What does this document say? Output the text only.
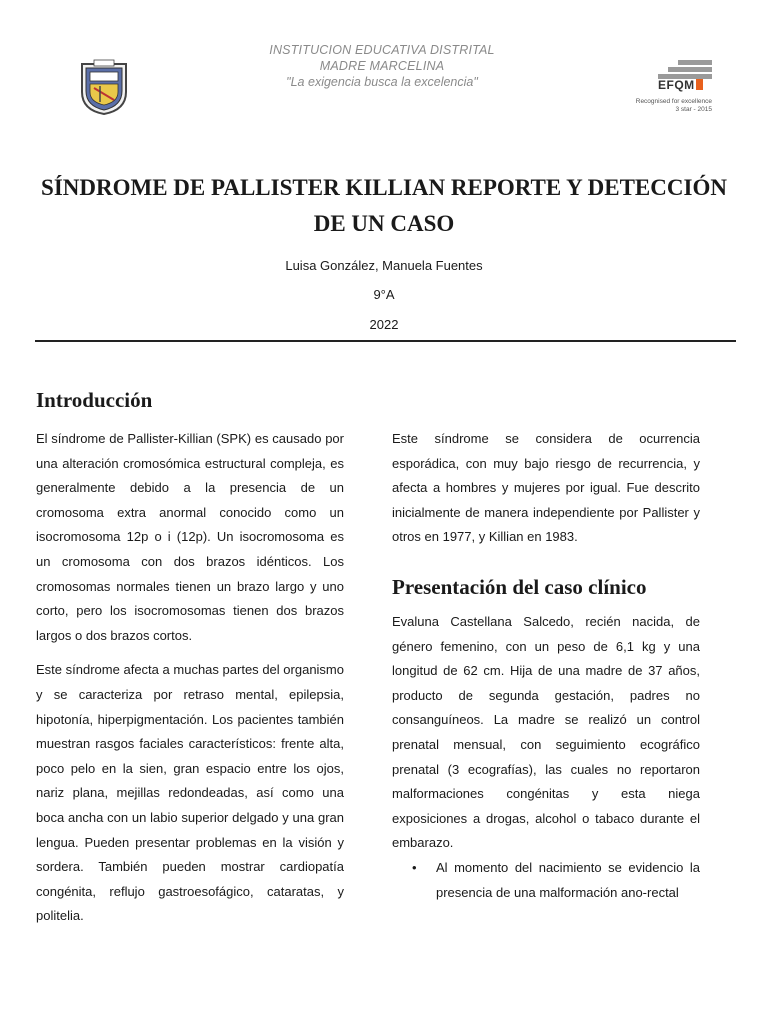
INSTITUCION EDUCATIVA DISTRITAL
MADRE MARCELINA
"La exigencia busca la excelencia"	EFQM
Recognised for excellence
3 star - 2015
SÍNDROME DE PALLISTER KILLIAN REPORTE Y DETECCIÓN DE UN CASO
Luisa González, Manuela Fuentes
9°A
2022
Introducción

El síndrome de Pallister-Killian (SPK) es causado por una alteración cromosómica estructural compleja, es generalmente debido a la presencia de un cromosoma extra anormal conocido como un isocromosoma 12p o i (12p). Un isocromosoma es un cromosoma con dos brazos idénticos. Los cromosomas normales tienen un brazo largo y uno corto, pero los isocromosomas tienen dos brazos largos o dos brazos cortos.

Este síndrome afecta a muchas partes del organismo y se caracteriza por retraso mental, epilepsia, hipotonía, hiperpigmentación. Los pacientes también muestran rasgos faciales característicos: frente alta, poco pelo en la sien, gran espacio entre los ojos, nariz plana, mejillas redondeadas, así como una boca ancha con un labio superior delgado y una gran lengua. Pueden presentar problemas en la visión y sordera. También pueden mostrar cardiopatía congénita, reflujo gastroesofágico, cataratas, y politelia.

Este síndrome se considera de ocurrencia esporádica, con muy bajo riesgo de recurrencia, y afecta a hombres y mujeres por igual. Fue descrito inicialmente de manera independiente por Pallister y otros en 1977, y Killian en 1983.

Presentación del caso clínico

Evaluna Castellana Salcedo, recién nacida, de género femenino, con un peso de 6,1 kg y una longitud de 62 cm. Hija de una madre de 37 años, producto de segunda gestación, padres no consanguíneos. La madre se realizó un control prenatal mensual, con seguimiento ecográfico prenatal (3 ecografías), las cuales no reportaron malformaciones congénitas y esta niega exposiciones a drogas, alcohol o tabaco durante el embarazo.

• Al momento del nacimiento se evidencio la presencia de una malformación ano-rectal
